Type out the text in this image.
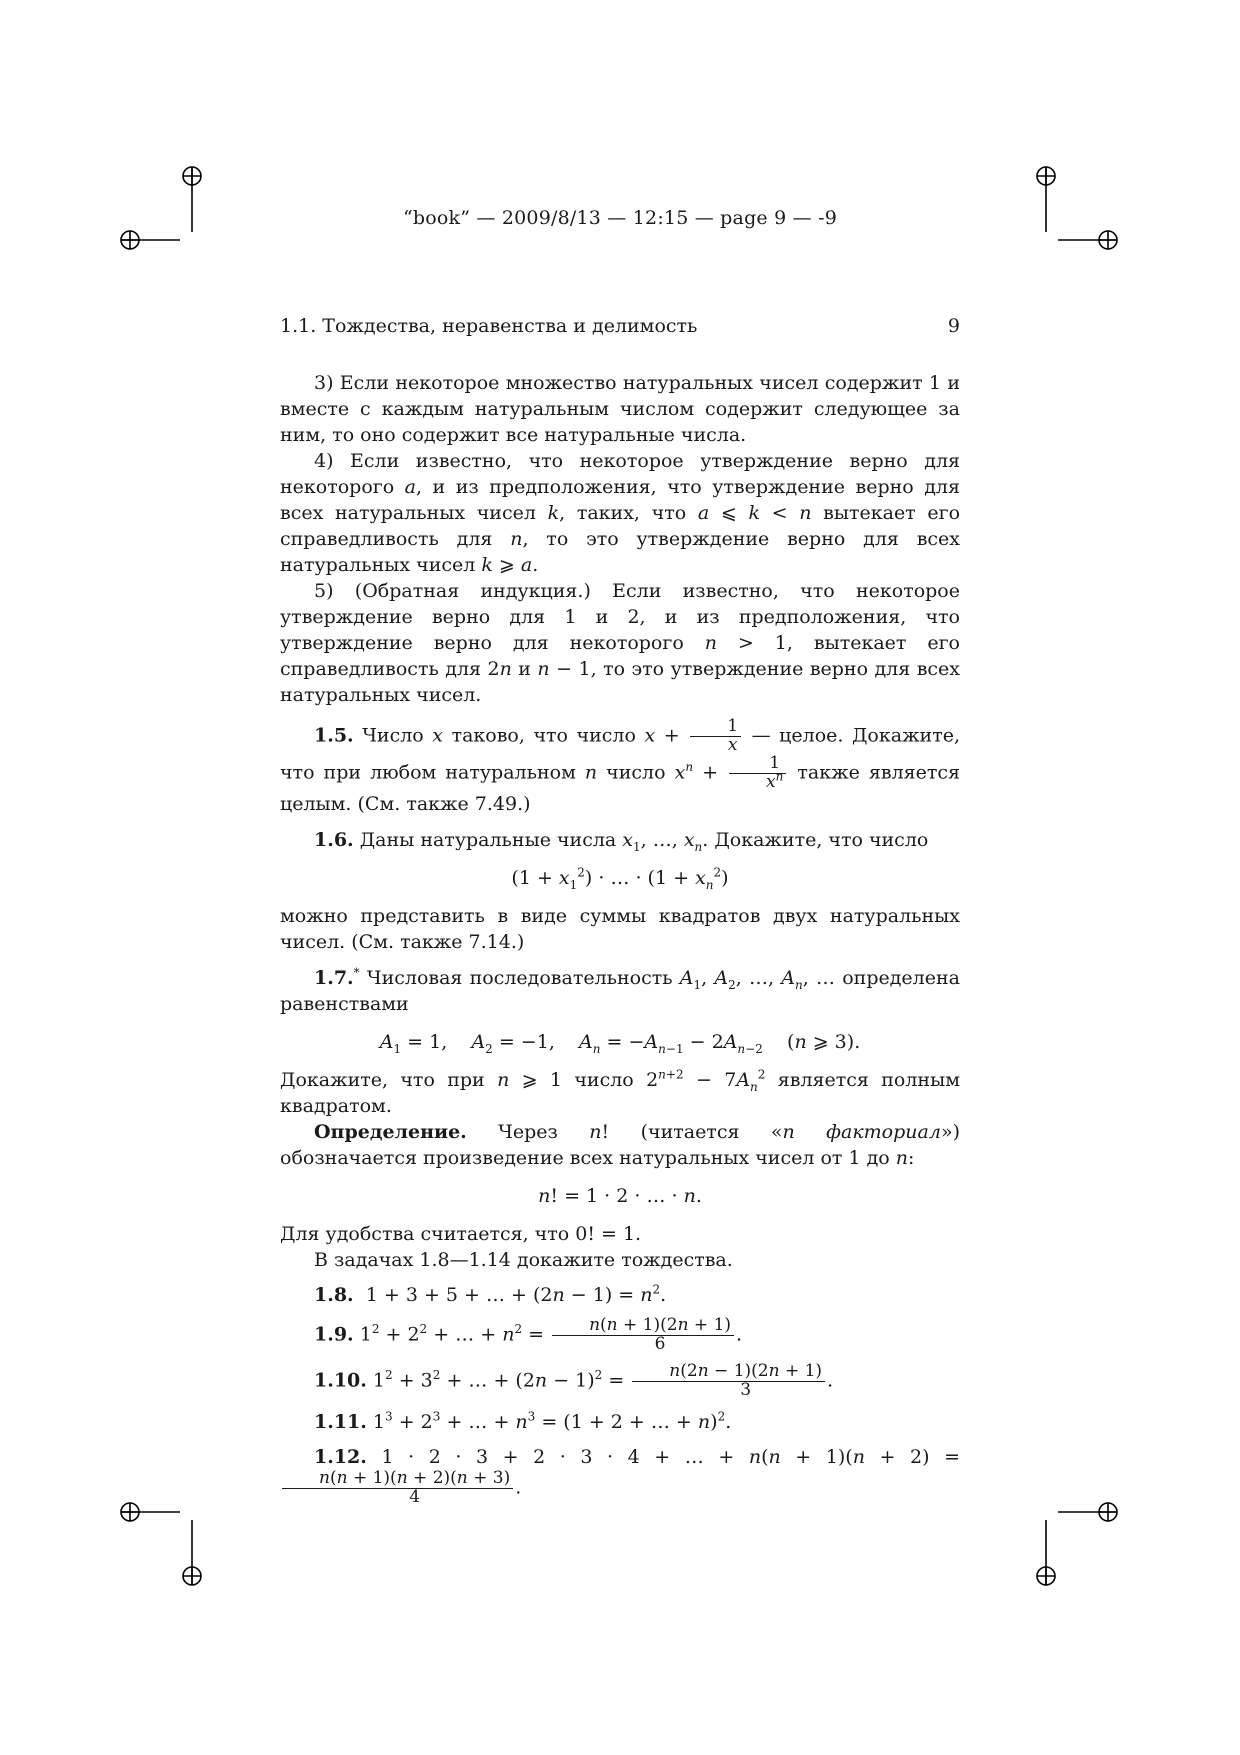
“book” — 2009/8/13 — 12:15 — page 9 — -9
1.1. Тождества, неравенства и делимость	9

3) Если некоторое множество натуральных чисел содержит 1 и вместе с каждым натуральным числом содержит следующее за ним, то оно содержит все натуральные числа.

4) Если известно, что некоторое утверждение верно для некоторого a, и из предположения, что утверждение верно для всех натуральных чисел k, таких, что a ⩽ k < n вытекает его справедливость для n, то это утверждение верно для всех натуральных чисел k ⩾ a.

5) (Обратная индукция.) Если известно, что некоторое утверждение верно для 1 и 2, и из предположения, что утверждение верно для некоторого n > 1, вытекает его справедливость для 2n и n − 1, то это утверждение верно для всех натуральных чисел.

1.5. Число x таково, что число $x + \frac{1}{x}$ — целое. Докажите, что при любом натуральном n число $x^n + \frac{1}{x^n}$ также является целым. (См. также 7.49.)

1.6. Даны натуральные числа $x_1$, …, $x_n$. Докажите, что число

$(1 + x_1^2)$ · … · $(1 + x_n^2)$

можно представить в виде суммы квадратов двух натуральных чисел. (См. также 7.14.)

1.7.* Числовая последовательность $A_1$, $A_2$, …, $A_n$, … определена равенствами

$A_1 = 1$,    $A_2 = -1$,    $A_n = -A_{n-1} - 2A_{n-2}$    (n ⩾ 3).

Докажите, что при n ⩾ 1 число $2^{n+2} - 7A_n^2$ является полным квадратом.

Определение. Через n! (читается «n факториал») обозначается произведение всех натуральных чисел от 1 до n:

n! = 1 · 2 · … · n.

Для удобства считается, что 0! = 1.

В задачах 1.8—1.14 докажите тождества.

1.8.  1 + 3 + 5 + … + $(2n - 1) = n^2$.

1.9. $1^2 + 2^2$ + … + $n^2 = \frac{n(n + 1)(2n + 1)}{6}$ .

1.10. $1^2 + 3^2$ + … + $(2n - 1)^2 = \frac{n(2n - 1)(2n + 1)}{3}$ .

1.11. $1^3 + 2^3$ + … + $n^3 = (1 + 2$ + … + n)$^2$.

1.12. 1 · 2 · 3 + 2 · 3 · 4 + … + n(n + 1)(n + 2) =
$\frac{n(n + 1)(n + 2)(n + 3)}{4}$ .
